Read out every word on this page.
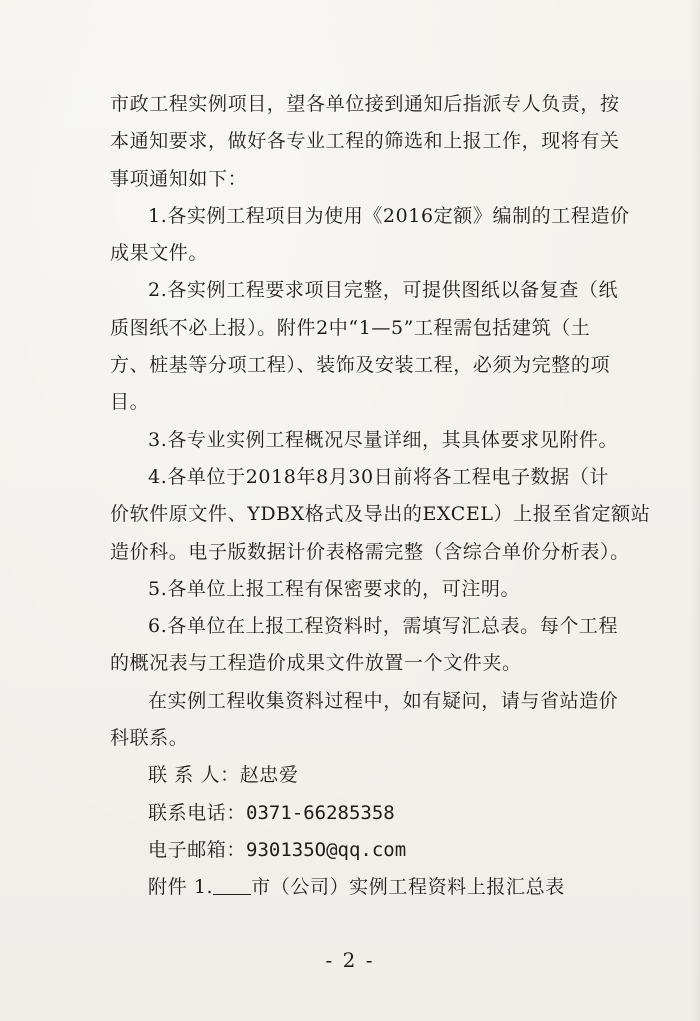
市政工程实例项目，望各单位接到通知后指派专人负责，按
本通知要求，做好各专业工程的筛选和上报工作，现将有关
事项通知如下：
1.各实例工程项目为使用《2016定额》编制的工程造价
成果文件。
2.各实例工程要求项目完整，可提供图纸以备复查（纸
质图纸不必上报）。附件2中“1—5”工程需包括建筑（土
方、桩基等分项工程）、装饰及安装工程，必须为完整的项
目。
3.各专业实例工程概况尽量详细，其具体要求见附件。
4.各单位于2018年8月30日前将各工程电子数据（计
价软件原文件、YDBX格式及导出的EXCEL）上报至省定额站
造价科。电子版数据计价表格需完整（含综合单价分析表）。
5.各单位上报工程有保密要求的，可注明。
6.各单位在上报工程资料时，需填写汇总表。每个工程
的概况表与工程造价成果文件放置一个文件夹。
在实例工程收集资料过程中，如有疑问，请与省站造价
科联系。
联 系 人：赵忠爱
联系电话：0371-66285358
电子邮箱：930135O@qq.com
附件 1. 市（公司）实例工程资料上报汇总表
- 2 -
